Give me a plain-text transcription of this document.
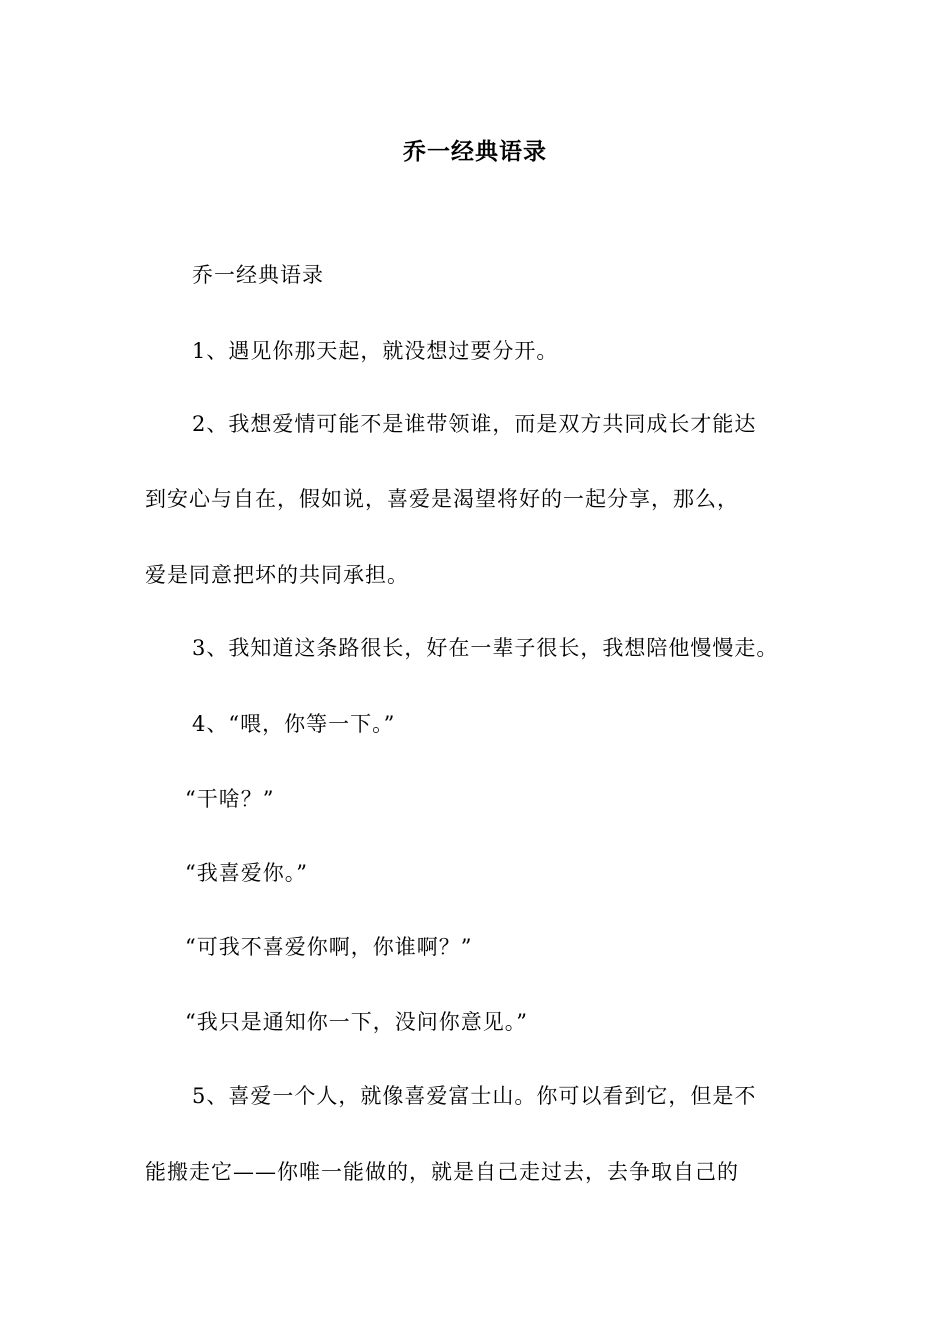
乔一经典语录
乔一经典语录
1、遇见你那天起，就没想过要分开。
2、我想爱情可能不是谁带领谁，而是双方共同成长才能达
到安心与自在，假如说，喜爱是渴望将好的一起分享，那么，
爱是同意把坏的共同承担。
3、我知道这条路很长，好在一辈子很长，我想陪他慢慢走。
4、“喂，你等一下。”
“干啥？”
“我喜爱你。”
“可我不喜爱你啊，你谁啊？”
“我只是通知你一下，没问你意见。”
5、喜爱一个人，就像喜爱富士山。你可以看到它，但是不
能搬走它——你唯一能做的，就是自己走过去，去争取自己的
